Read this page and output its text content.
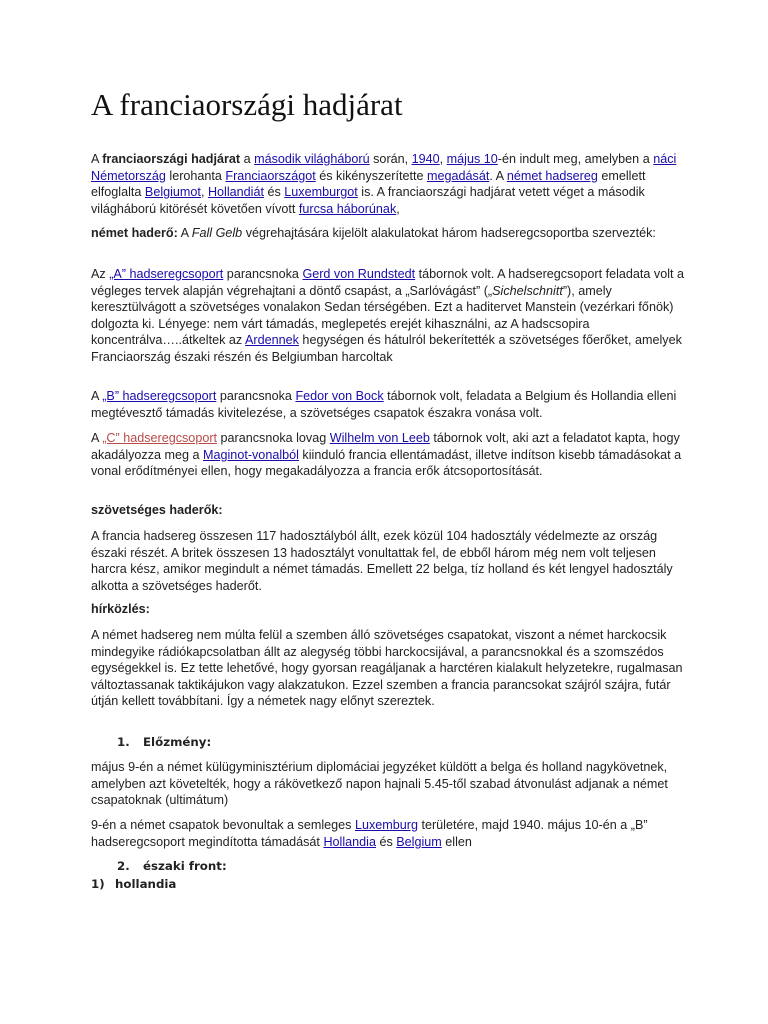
A franciaországi hadjárat

A franciaországi hadjárat a második világháború során, 1940, május 10-én indult meg, amelyben a náci Németország lerohanta Franciaországot és kikényszerítette megadását. A német hadsereg emellett elfoglalta Belgiumot, Hollandiát és Luxemburgot is. A franciaországi hadjárat vetett véget a második világháború kitörését követően vívott furcsa háborúnak,

német haderő: A Fall Gelb végrehajtására kijelölt alakulatokat három hadseregcsoportba szervezték:

Az „A” hadseregcsoport parancsnoka Gerd von Rundstedt tábornok volt. A hadseregcsoport feladata volt a végleges tervek alapján végrehajtani a döntő csapást, a „Sarlóvágást” („Sichelschnitt”), amely keresztülvágott a szövetséges vonalakon Sedan térségében. Ezt a haditervet Manstein (vezérkari főnök) dolgozta ki. Lényege: nem várt támadás, meglepetés erejét kihasználni, az A hadscsopira koncentrálva…..átkeltek az Ardennek hegységen és hátulról bekerítették a szövetséges főerőket, amelyek Franciaország északi részén és Belgiumban harcoltak

A „B” hadseregcsoport parancsnoka Fedor von Bock tábornok volt, feladata a Belgium és Hollandia elleni megtévesztő támadás kivitelezése, a szövetséges csapatok északra vonása volt.

A „C” hadseregcsoport parancsnoka lovag Wilhelm von Leeb tábornok volt, aki azt a feladatot kapta, hogy akadályozza meg a Maginot-vonalból kiinduló francia ellentámadást, illetve indítson kisebb támadásokat a vonal erődítményei ellen, hogy megakadályozza a francia erők átcsoportosítását.

szövetséges haderők:

A francia hadsereg összesen 117 hadosztályból állt, ezek közül 104 hadosztály védelmezte az ország északi részét. A britek összesen 13 hadosztályt vonultattak fel, de ebből három még nem volt teljesen harcra kész, amikor megindult a német támadás. Emellett 22 belga, tíz holland és két lengyel hadosztály alkotta a szövetséges haderőt.

hírközlés:

A német hadsereg nem múlta felül a szemben álló szövetséges csapatokat, viszont a német harckocsik mindegyike rádiókapcsolatban állt az alegység többi harckocsijával, a parancsnokkal és a szomszédos egységekkel is. Ez tette lehetővé, hogy gyorsan reagáljanak a harctéren kialakult helyzetekre, rugalmasan változtassanak taktikájukon vagy alakzatukon. Ezzel szemben a francia parancsokat szájról szájra, futár útján kellett továbbítani. Így a németek nagy előnyt szereztek.

1. Előzmény:

május 9-én a német külügyminisztérium diplomáciai jegyzéket küldött a belga és holland nagykövetnek, amelyben azt követelték, hogy a rákövetkező napon hajnali 5.45-től szabad átvonulást adjanak a német csapatoknak (ultimátum)

9-én a német csapatok bevonultak a semleges Luxemburg területére, majd 1940. május 10-én a „B” hadseregcsoport megindította támadását Hollandia és Belgium ellen

2. északi front:

1) hollandia
